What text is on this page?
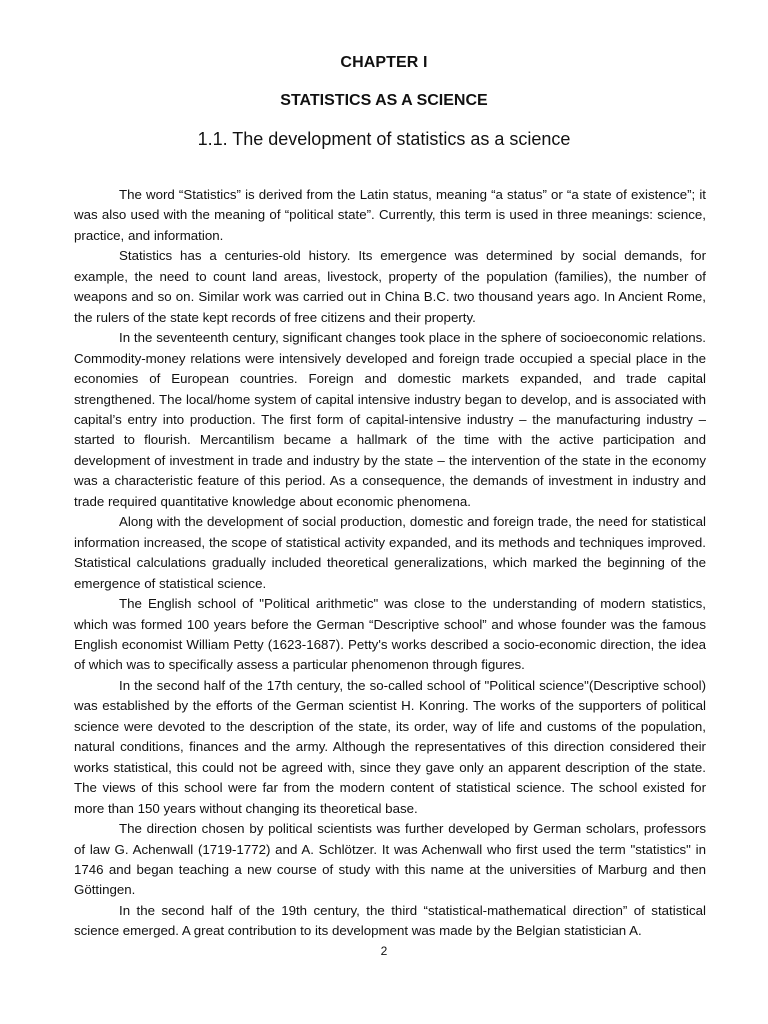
CHAPTER I
STATISTICS AS A SCIENCE
1.1. The development of statistics as a science

The word “Statistics” is derived from the Latin status, meaning “a status” or “a state of existence”; it was also used with the meaning of “political state”. Currently, this term is used in three meanings: science, practice, and information.

Statistics has a centuries-old history. Its emergence was determined by social demands, for example, the need to count land areas, livestock, property of the population (families), the number of weapons and so on. Similar work was carried out in China B.C. two thousand years ago. In Ancient Rome, the rulers of the state kept records of free citizens and their property.

In the seventeenth century, significant changes took place in the sphere of socioeconomic relations. Commodity-money relations were intensively developed and foreign trade occupied a special place in the economies of European countries. Foreign and domestic markets expanded, and trade capital strengthened. The local/home system of capital intensive industry began to develop, and is associated with capital’s entry into production. The first form of capital-intensive industry – the manufacturing industry – started to flourish. Mercantilism became a hallmark of the time with the active participation and development of investment in trade and industry by the state – the intervention of the state in the economy was a characteristic feature of this period. As a consequence, the demands of investment in industry and trade required quantitative knowledge about economic phenomena.

Along with the development of social production, domestic and foreign trade, the need for statistical information increased, the scope of statistical activity expanded, and its methods and techniques improved. Statistical calculations gradually included theoretical generalizations, which marked the beginning of the emergence of statistical science.

The English school of "Political arithmetic" was close to the understanding of modern statistics, which was formed 100 years before the German “Descriptive school” and whose founder was the famous English economist William Petty (1623-1687). Petty's works described a socio-economic direction, the idea of which was to specifically assess a particular phenomenon through figures.

In the second half of the 17th century, the so-called school of "Political science"(Descriptive school) was established by the efforts of the German scientist H. Konring. The works of the supporters of political science were devoted to the description of the state, its order, way of life and customs of the population, natural conditions, finances and the army. Although the representatives of this direction considered their works statistical, this could not be agreed with, since they gave only an apparent description of the state. The views of this school were far from the modern content of statistical science. The school existed for more than 150 years without changing its theoretical base.

The direction chosen by political scientists was further developed by German scholars, professors of law G. Achenwall (1719-1772) and A. Schlötzer. It was Achenwall who first used the term "statistics" in 1746 and began teaching a new course of study with this name at the universities of Marburg and then Göttingen.

In the second half of the 19th century, the third “statistical-mathematical direction” of statistical science emerged. A great contribution to its development was made by the Belgian statistician A.

2
